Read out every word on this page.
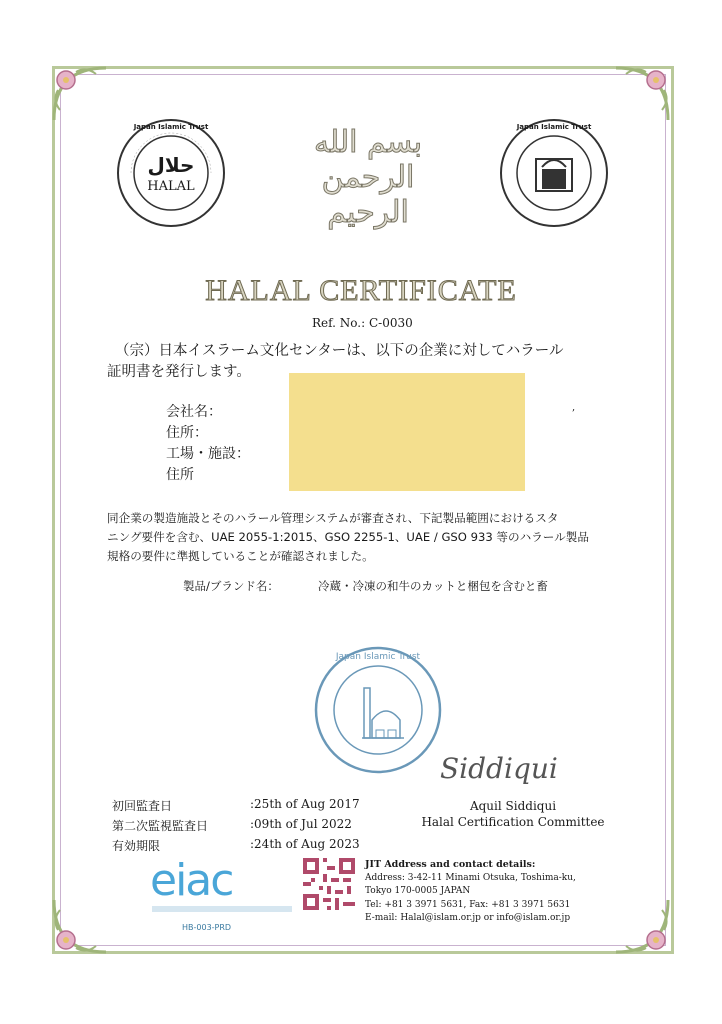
Japan Islamic Trust
حلال
HALAL
بسم الله الرحمن الرحيم
Japan Islamic Trust
HALAL CERTIFICATE
Ref. No.: C-0030
（宗）日本イスラーム文化センターは、以下の企業に対してハラール
証明書を発行します。
会社名：
住所：
工場・施設：
住所
,
同企業の製造施設とそのハラール管理システムが審査され、下記製品範囲におけるスタ
ニング要件を含む、UAE 2055-1:2015、GSO 2255-1、UAE / GSO 933 等のハラール製品
規格の要件に準拠していることが確認されました。
製品/ブランド名：	冷蔵・冷凍の和牛のカットと梱包を含むと畜
Japan Islamic Trust
初回監査日	:25th of Aug 2017
第二次監視監査日	:09th of Jul 2022
有効期限	:24th of Aug 2023
Siddiqui
Aquil Siddiqui
Halal Certification Committee
eiac
HB-003-PRD
JIT Address and contact details:
Address: 3-42-11 Minami Otsuka, Toshima-ku,
Tokyo 170-0005 JAPAN
Tel: +81 3 3971 5631, Fax: +81 3 3971 5631
E-mail: Halal@islam.or.jp or info@islam.or.jp
